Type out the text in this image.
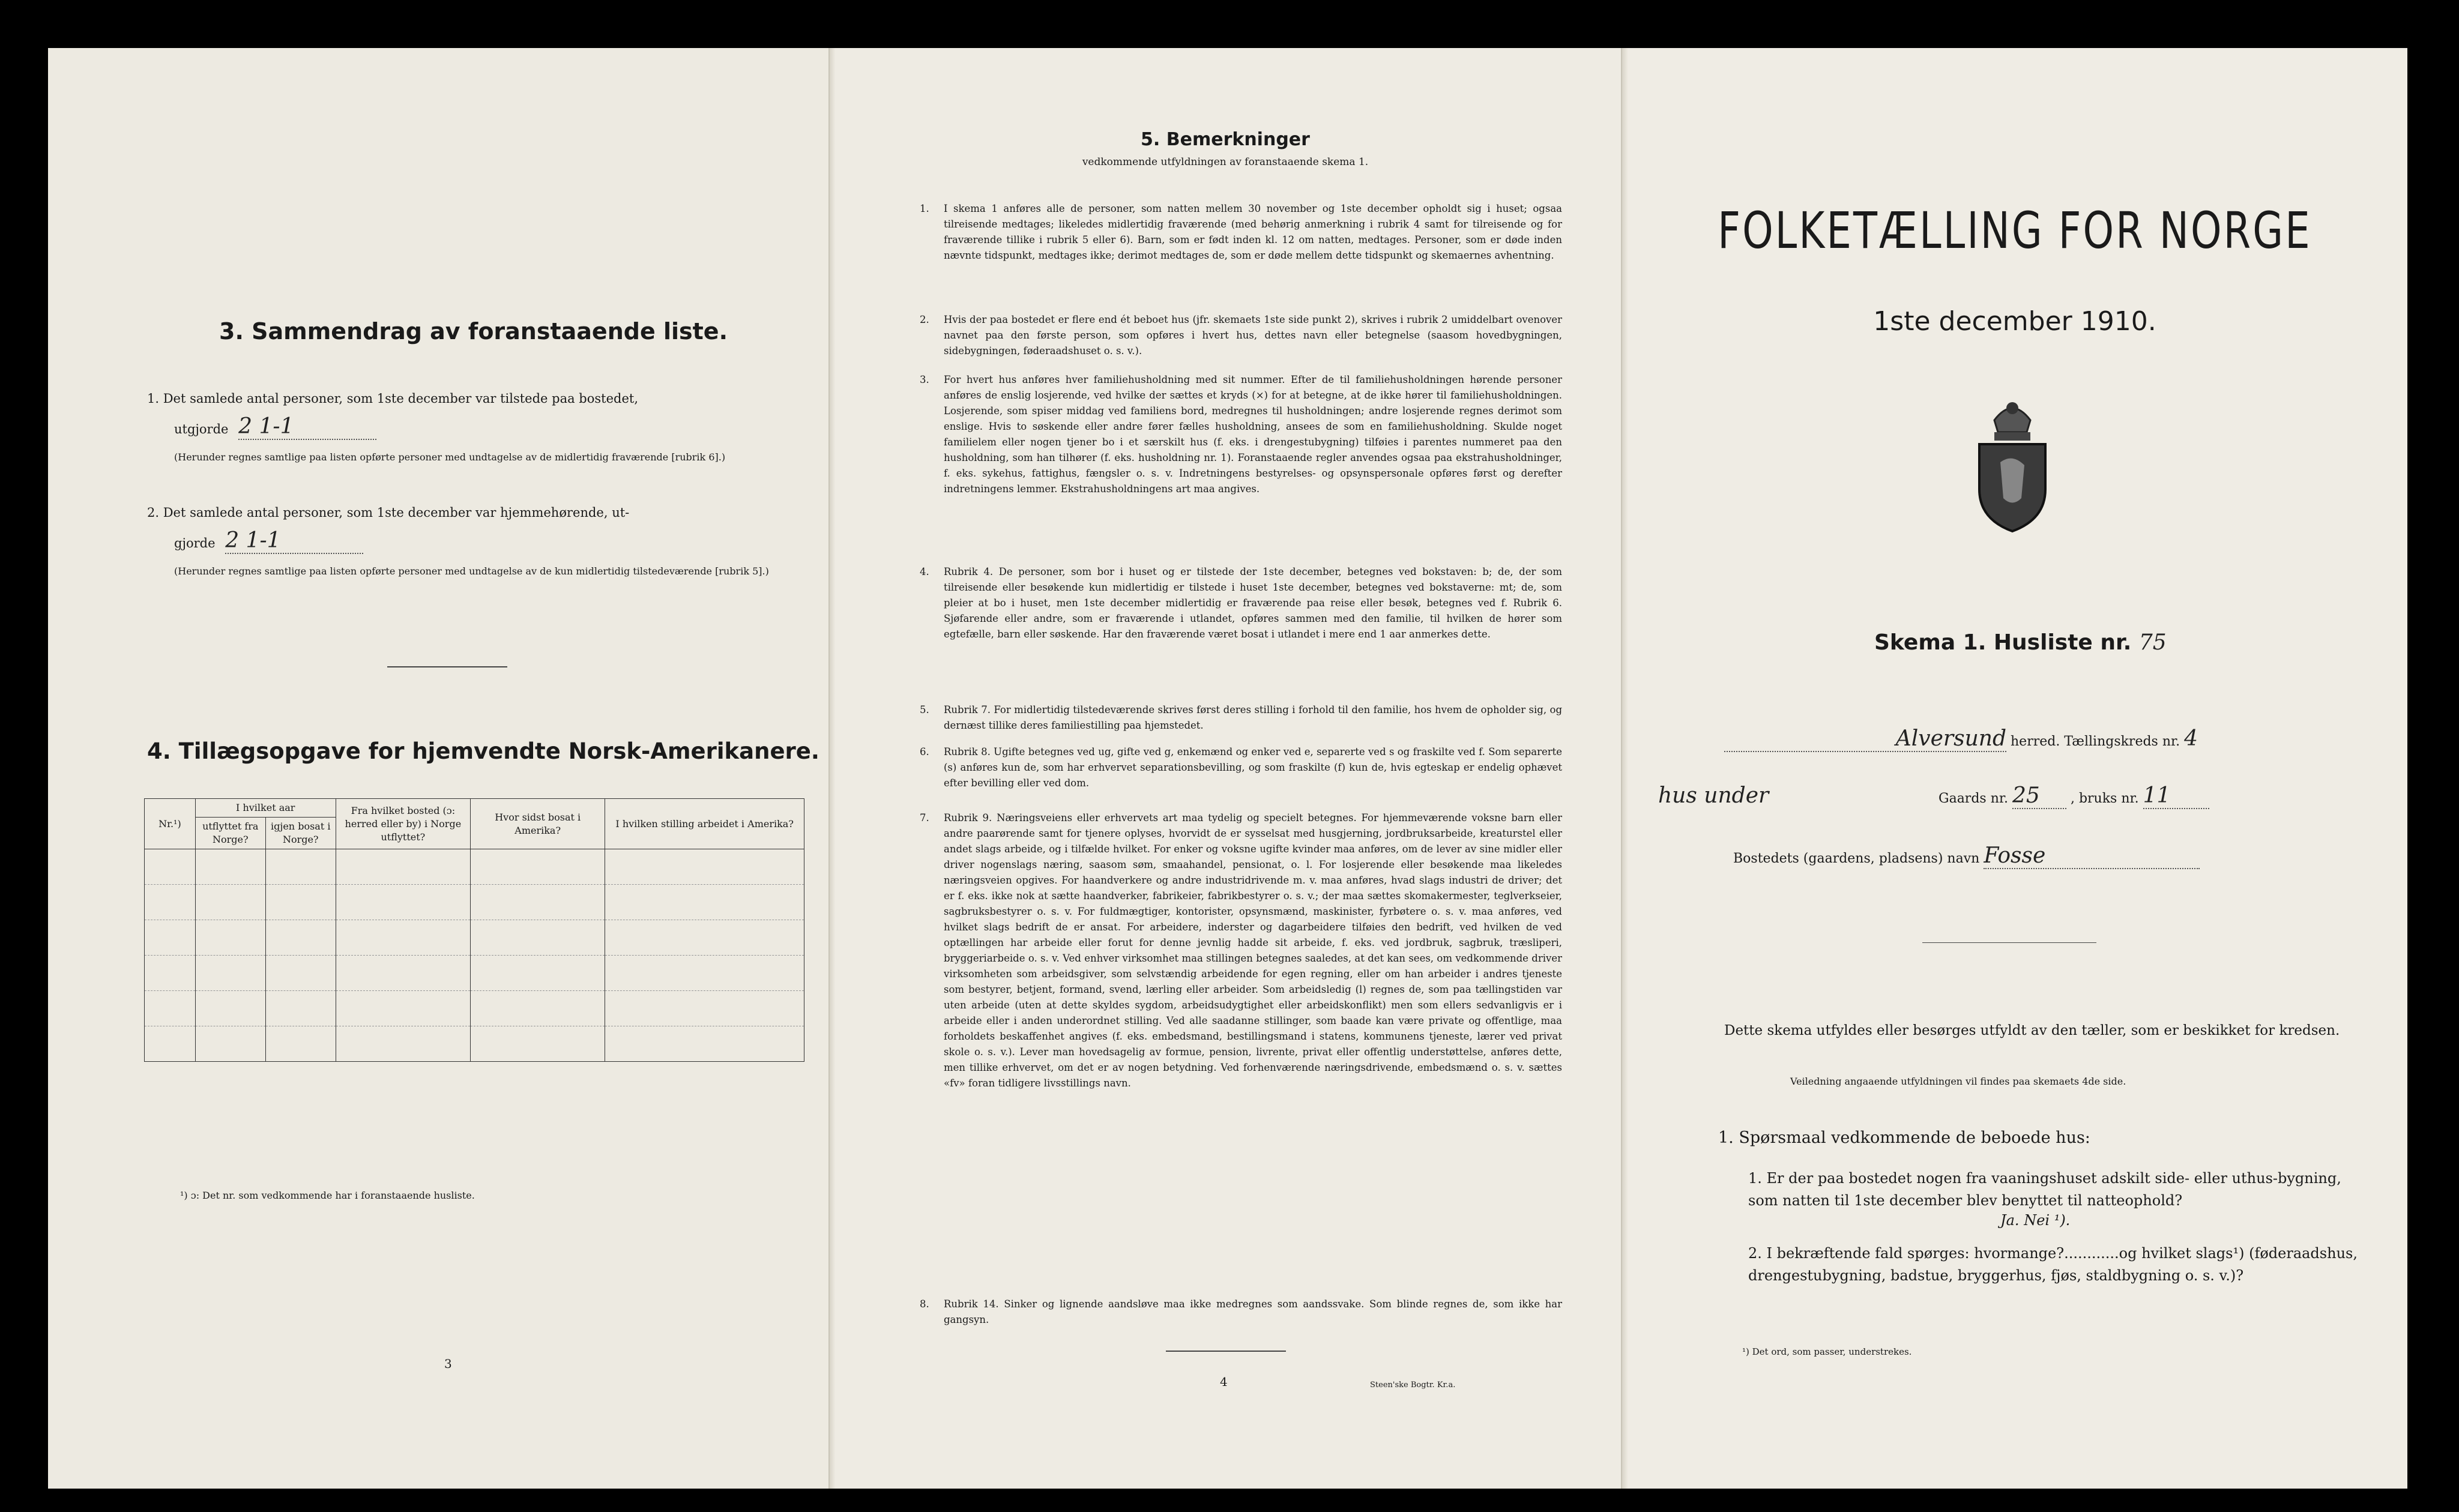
3. Sammendrag av foranstaaende liste.
1. Det samlede antal personer, som 1ste december var tilstede paa bostedet,
utgjorde 2 1-1
(Herunder regnes samtlige paa listen opførte personer med undtagelse av de midlertidig fraværende [rubrik 6].)
2. Det samlede antal personer, som 1ste december var hjemmehørende, ut-
gjorde 2 1-1
(Herunder regnes samtlige paa listen opførte personer med undtagelse av de kun midlertidig tilstedeværende [rubrik 5].)
4. Tillægsopgave for hjemvendte Norsk-Amerikanere.
Nr.¹)	I hvilket aar		Fra hvilket bosted (ɔ: herred eller by) i Norge utflyttet?	Hvor sidst bosat i Amerika?	I hvilken stilling arbeidet i Amerika?
	utflyttet fra Norge?	igjen bosat i Norge?			

¹) ɔ: Det nr. som vedkommende har i foranstaaende husliste.
3
5. Bemerkninger
vedkommende utfyldningen av foranstaaende skema 1.
1. I skema 1 anføres alle de personer, som natten mellem 30 november og 1ste december opholdt sig i huset; ogsaa tilreisende medtages; likeledes midlertidig fraværende (med behørig anmerkning i rubrik 4 samt for tilreisende og for fraværende tillike i rubrik 5 eller 6). Barn, som er født inden kl. 12 om natten, medtages. Personer, som er døde inden nævnte tidspunkt, medtages ikke; derimot medtages de, som er døde mellem dette tidspunkt og skemaernes avhentning.
2. Hvis der paa bostedet er flere end ét beboet hus (jfr. skemaets 1ste side punkt 2), skrives i rubrik 2 umiddelbart ovenover navnet paa den første person, som opføres i hvert hus, dettes navn eller betegnelse (saasom hovedbygningen, sidebygningen, føderaadshuset o. s. v.).
3. For hvert hus anføres hver familiehusholdning med sit nummer. Efter de til familiehusholdningen hørende personer anføres de enslig losjerende, ved hvilke der sættes et kryds (×) for at betegne, at de ikke hører til familiehusholdningen. Losjerende, som spiser middag ved familiens bord, medregnes til husholdningen; andre losjerende regnes derimot som enslige. Hvis to søskende eller andre fører fælles husholdning, ansees de som en familiehusholdning. Skulde noget familielem eller nogen tjener bo i et særskilt hus (f. eks. i drengestubygning) tilføies i parentes nummeret paa den husholdning, som han tilhører (f. eks. husholdning nr. 1). Foranstaaende regler anvendes ogsaa paa ekstrahusholdninger, f. eks. sykehus, fattighus, fængsler o. s. v. Indretningens bestyrelses- og opsynspersonale opføres først og derefter indretningens lemmer. Ekstrahusholdningens art maa angives.
4. Rubrik 4. De personer, som bor i huset og er tilstede der 1ste december, betegnes ved bokstaven: b; de, der som tilreisende eller besøkende kun midlertidig er tilstede i huset 1ste december, betegnes ved bokstaverne: mt; de, som pleier at bo i huset, men 1ste december midlertidig er fraværende paa reise eller besøk, betegnes ved f. Rubrik 6. Sjøfarende eller andre, som er fraværende i utlandet, opføres sammen med den familie, til hvilken de hører som egtefælle, barn eller søskende. Har den fraværende været bosat i utlandet i mere end 1 aar anmerkes dette.
5. Rubrik 7. For midlertidig tilstedeværende skrives først deres stilling i forhold til den familie, hos hvem de opholder sig, og dernæst tillike deres familiestilling paa hjemstedet.
6. Rubrik 8. Ugifte betegnes ved ug, gifte ved g, enkemænd og enker ved e, separerte ved s og fraskilte ved f. Som separerte (s) anføres kun de, som har erhvervet separationsbevilling, og som fraskilte (f) kun de, hvis egteskap er endelig ophævet efter bevilling eller ved dom.
7. Rubrik 9. Næringsveiens eller erhvervets art maa tydelig og specielt betegnes. For hjemmeværende voksne barn eller andre paarørende samt for tjenere oplyses, hvorvidt de er sysselsat med husgjerning, jordbruksarbeide, kreaturstel eller andet slags arbeide, og i tilfælde hvilket. For enker og voksne ugifte kvinder maa anføres, om de lever av sine midler eller driver nogenslags næring, saasom søm, smaahandel, pensionat, o. l. For losjerende eller besøkende maa likeledes næringsveien opgives. For haandverkere og andre industridrivende m. v. maa anføres, hvad slags industri de driver; det er f. eks. ikke nok at sætte haandverker, fabrikeier, fabrikbestyrer o. s. v.; der maa sættes skomakermester, teglverkseier, sagbruksbestyrer o. s. v. For fuldmægtiger, kontorister, opsynsmænd, maskinister, fyrbøtere o. s. v. maa anføres, ved hvilket slags bedrift de er ansat. For arbeidere, inderster og dagarbeidere tilføies den bedrift, ved hvilken de ved optællingen har arbeide eller forut for denne jevnlig hadde sit arbeide, f. eks. ved jordbruk, sagbruk, træsliperi, bryggeriarbeide o. s. v. Ved enhver virksomhet maa stillingen betegnes saaledes, at det kan sees, om vedkommende driver virksomheten som arbeidsgiver, som selvstændig arbeidende for egen regning, eller om han arbeider i andres tjeneste som bestyrer, betjent, formand, svend, lærling eller arbeider. Som arbeidsledig (l) regnes de, som paa tællingstiden var uten arbeide (uten at dette skyldes sygdom, arbeidsudygtighet eller arbeidskonflikt) men som ellers sedvanligvis er i arbeide eller i anden underordnet stilling. Ved alle saadanne stillinger, som baade kan være private og offentlige, maa forholdets beskaffenhet angives (f. eks. embedsmand, bestillingsmand i statens, kommunens tjeneste, lærer ved privat skole o. s. v.). Lever man hovedsagelig av formue, pension, livrente, privat eller offentlig understøttelse, anføres dette, men tillike erhvervet, om det er av nogen betydning. Ved forhenværende næringsdrivende, embedsmænd o. s. v. sættes «fv» foran tidligere livsstillings navn.
8. Rubrik 14. Sinker og lignende aandsløve maa ikke medregnes som aandssvake. Som blinde regnes de, som ikke har gangsyn.
4	Steen'ske Bogtr. Kr.a.
FOLKETÆLLING FOR NORGE
1ste december 1910.
Skema 1. Husliste nr. 75
Alversund herred. Tællingskreds nr. 4
hus under	Gaards nr. 25 , bruks nr. 11
Bostedets (gaardens, pladsens) navn Fosse
Dette skema utfyldes eller besørges utfyldt av den tæller, som er beskikket for kredsen.
Veiledning angaaende utfyldningen vil findes paa skemaets 4de side.
1. Spørsmaal vedkommende de beboede hus:
1. Er der paa bostedet nogen fra vaaningshuset adskilt side- eller uthus-bygning, som natten til 1ste december blev benyttet til natteophold?
Ja. Nei ¹).
2. I bekræftende fald spørges: hvormange?............og hvilket slags¹) (føderaadshus, drengestubygning, badstue, bryggerhus, fjøs, staldbygning o. s. v.)?
¹) Det ord, som passer, understrekes.
